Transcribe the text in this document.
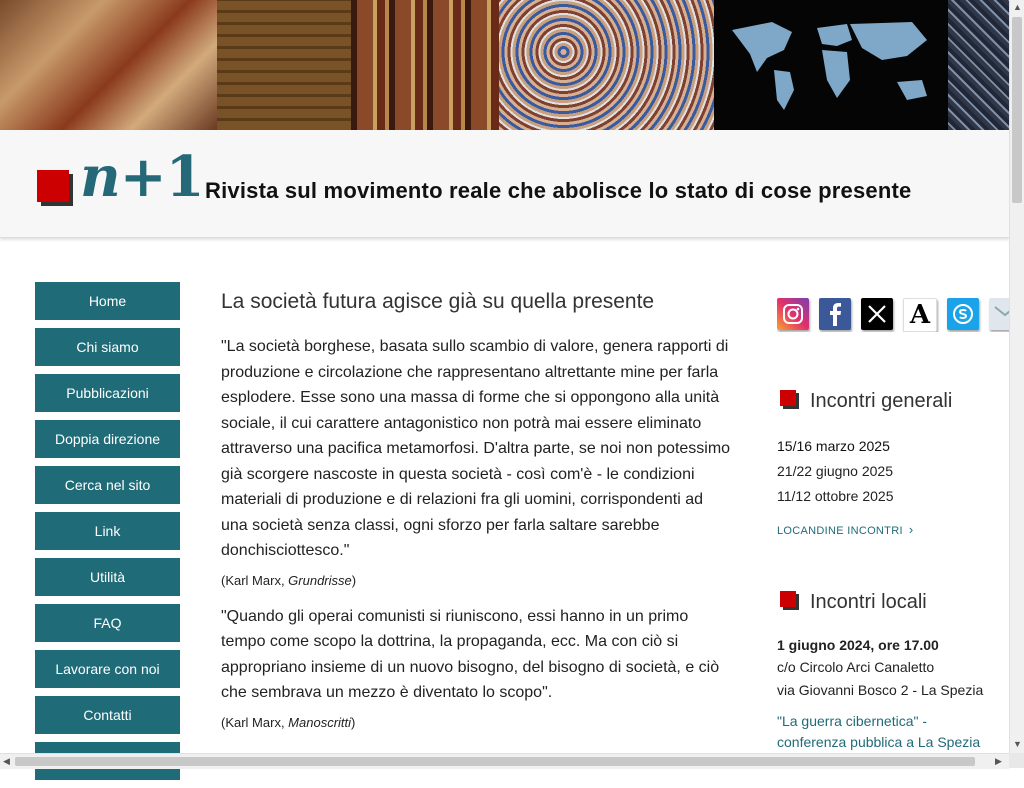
n+1 Rivista sul movimento reale che abolisce lo stato di cose presente
Home
Chi siamo
Pubblicazioni
Doppia direzione
Cerca nel sito
Link
Utilità
FAQ
Lavorare con noi
Contatti
La società futura agisce già su quella presente

"La società borghese, basata sullo scambio di valore, genera rapporti di produzione e circolazione che rappresentano altrettante mine per farla esplodere. Esse sono una massa di forme che si oppongono alla unità sociale, il cui carattere antagonistico non potrà mai essere eliminato attraverso una pacifica metamorfosi. D'altra parte, se noi non potessimo già scorgere nascoste in questa società - così com'è - le condizioni materiali di produzione e di relazioni fra gli uomini, corrispondenti ad una società senza classi, ogni sforzo per farla saltare sarebbe donchisciottesco."

(Karl Marx, Grundrisse)

"Quando gli operai comunisti si riuniscono, essi hanno in un primo tempo come scopo la dottrina, la propaganda, ecc. Ma con ciò si appropriano insieme di un nuovo bisogno, del bisogno di società, e ciò che sembrava un mezzo è diventato lo scopo".

(Karl Marx, Manoscritti)

A
Incontri generali
15/16 marzo 2025
21/22 giugno 2025
11/12 ottobre 2025
LOCANDINE INCONTRI ›
Incontri locali
1 giugno 2024, ore 17.00
c/o Circolo Arci Canaletto
via Giovanni Bosco 2 - La Spezia
"La guerra cibernetica" - conferenza pubblica a La Spezia
▲
▼
◀	▶
